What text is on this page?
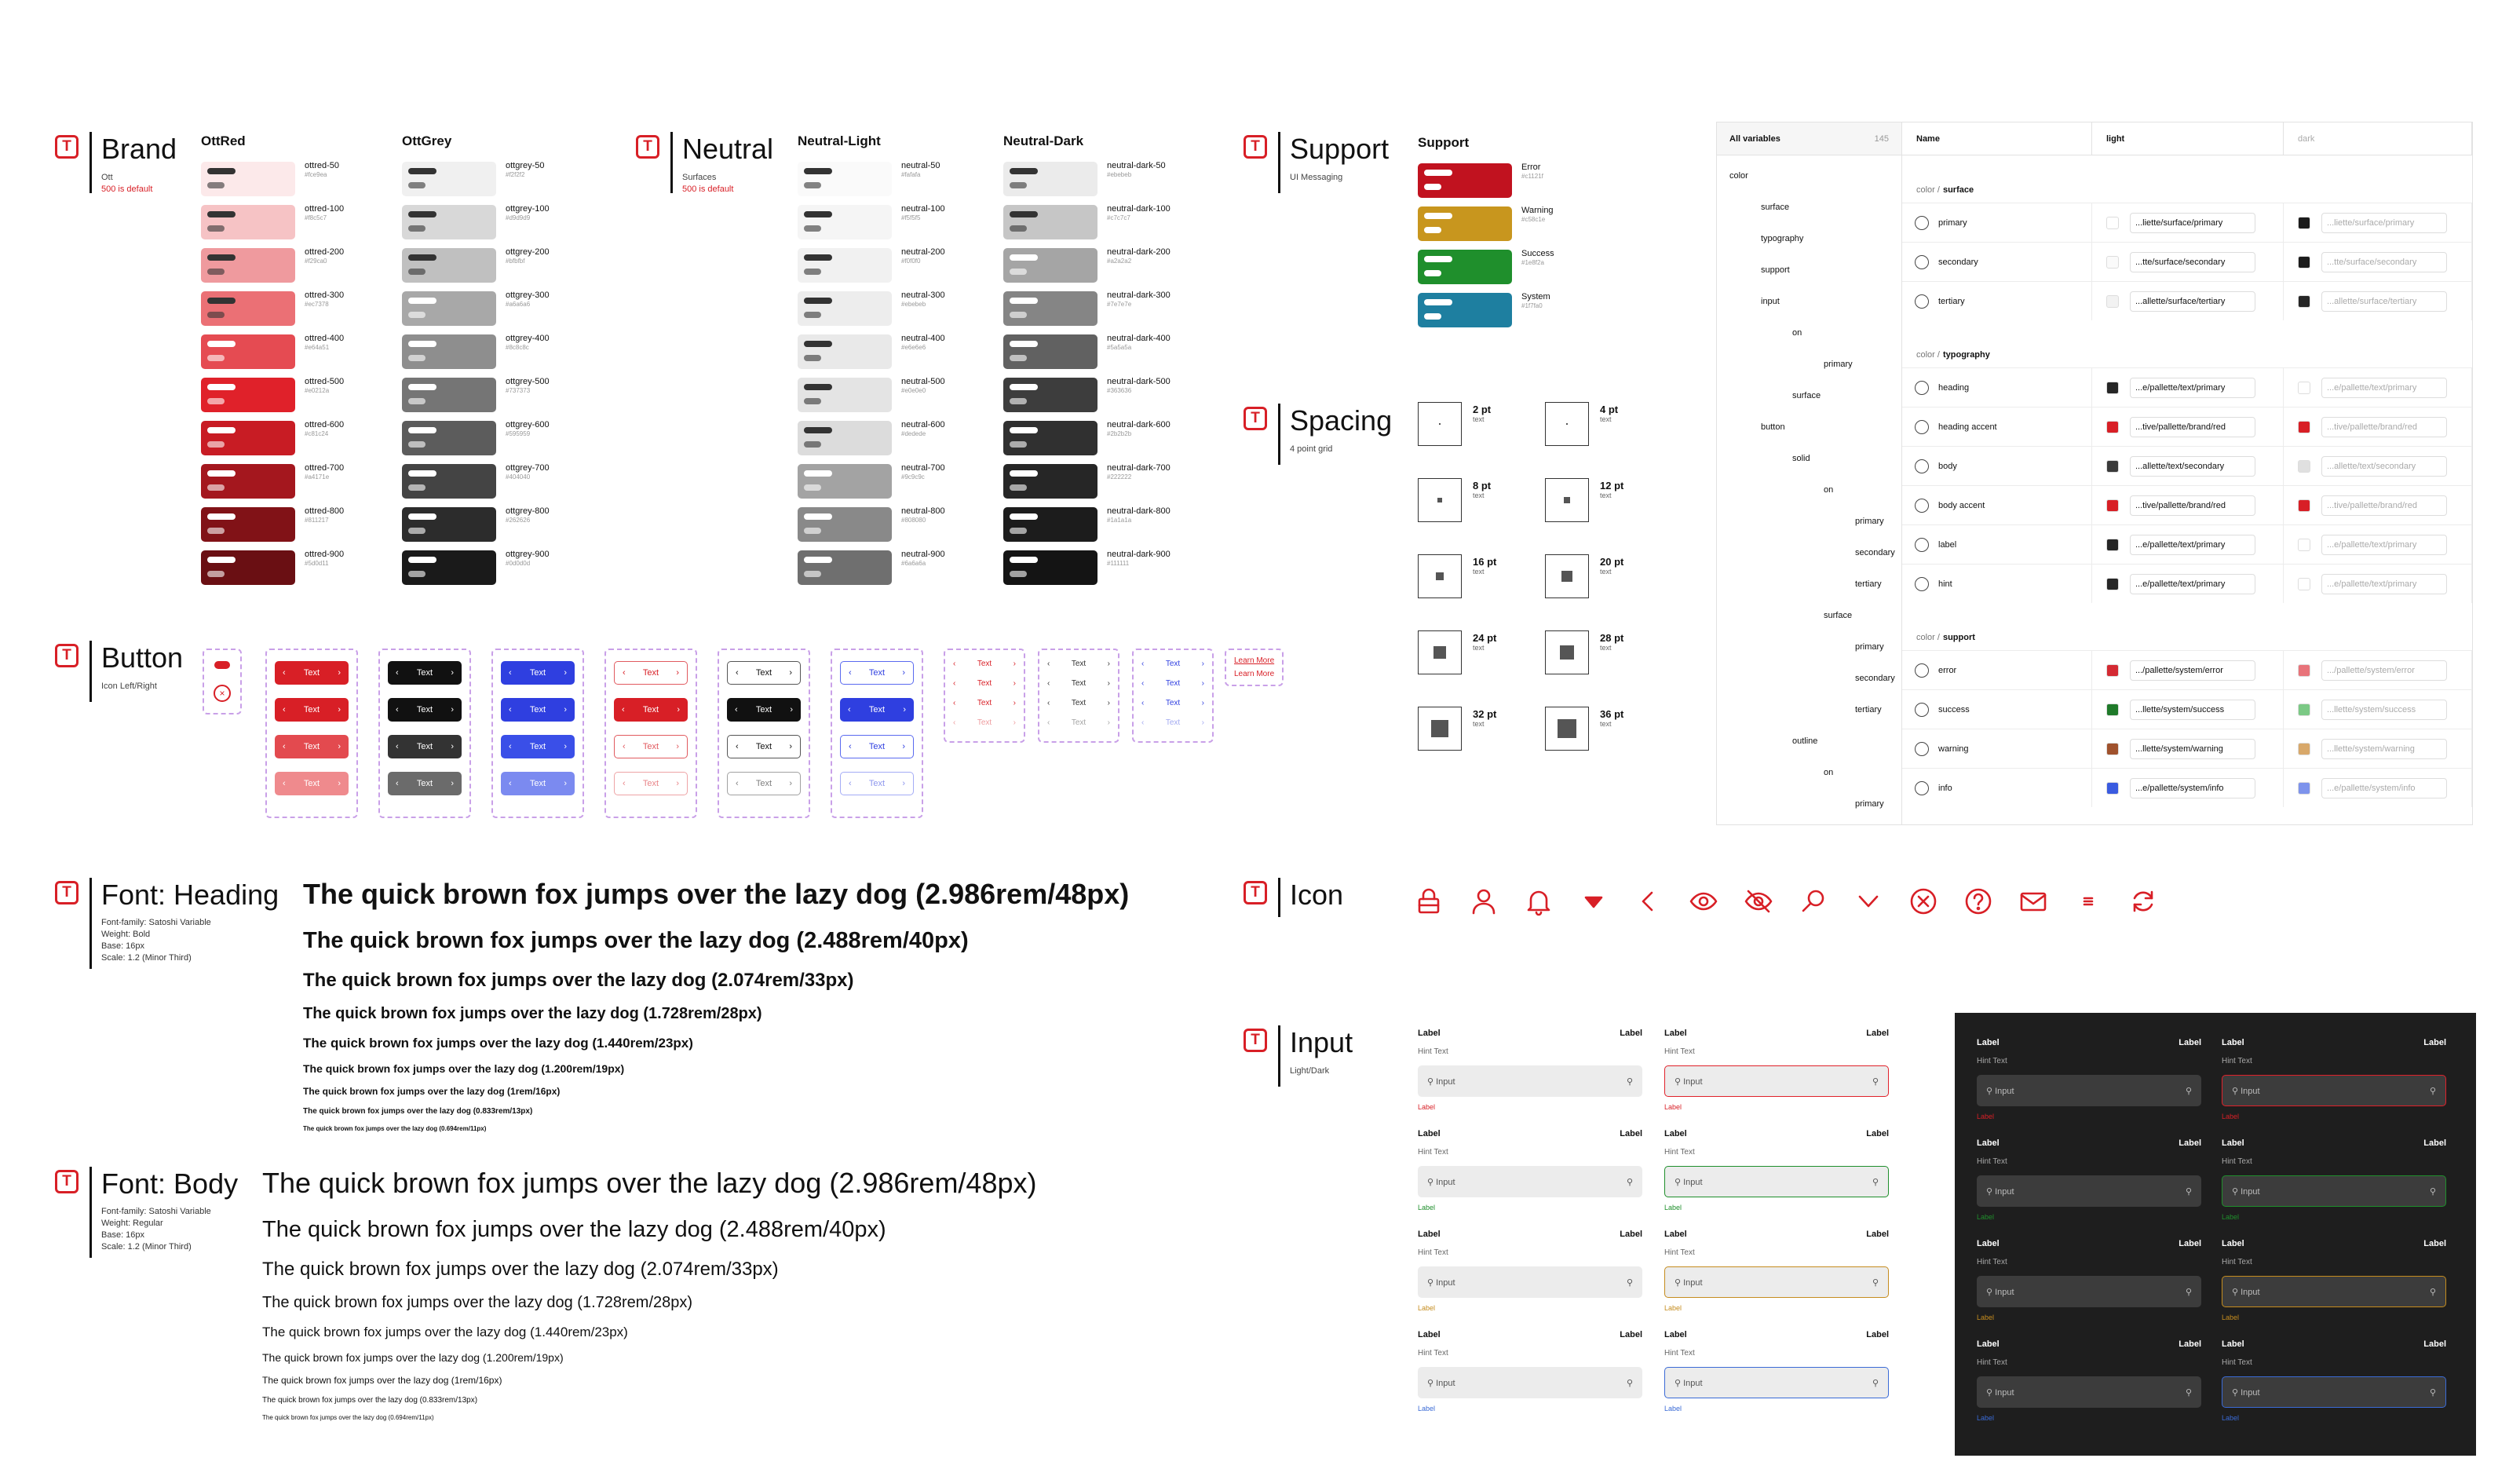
T Brand
Ott
500 is default
T Neutral
Surfaces
500 is default
T Support
UI Messaging
T Spacing
4 point grid
T Button
Icon Left/Right
T Font: Heading
Font-family: Satoshi Variable
Weight: Bold
Base: 16px
Scale: 1.2 (Minor Third)
T Font: Body
Font-family: Satoshi Variable
Weight: Regular
Base: 16px
Scale: 1.2 (Minor Third)
T Icon
T Input
Light/Dark
OttRed
ottred-50
#fce9ea
ottred-100
#f8c5c7
ottred-200
#f29ca0
ottred-300
#ec7378
ottred-400
#e64a51
ottred-500
#e0212a
ottred-600
#c81c24
ottred-700
#a4171e
ottred-800
#811217
ottred-900
#5d0d11
OttGrey
ottgrey-50
#f2f2f2
ottgrey-100
#d9d9d9
ottgrey-200
#bfbfbf
ottgrey-300
#a6a6a6
ottgrey-400
#8c8c8c
ottgrey-500
#737373
ottgrey-600
#595959
ottgrey-700
#404040
ottgrey-800
#262626
ottgrey-900
#0d0d0d
Neutral-Light
neutral-50
#fafafa
neutral-100
#f5f5f5
neutral-200
#f0f0f0
neutral-300
#ebebeb
neutral-400
#e6e6e6
neutral-500
#e0e0e0
neutral-600
#dedede
neutral-700
#9c9c9c
neutral-800
#808080
neutral-900
#6a6a6a
Neutral-Dark
neutral-dark-50
#ebebeb
neutral-dark-100
#c7c7c7
neutral-dark-200
#a2a2a2
neutral-dark-300
#7e7e7e
neutral-dark-400
#5a5a5a
neutral-dark-500
#363636
neutral-dark-600
#2b2b2b
neutral-dark-700
#222222
neutral-dark-800
#1a1a1a
neutral-dark-900
#111111
Support
Error
#c1121f
Warning
#c58c1e
Success
#1e8f2a
System
#1f7fa0
2 pt
text
4 pt
text
8 pt
text
12 pt
text
16 pt
text
20 pt
text
24 pt
text
28 pt
text
32 pt
text
36 pt
text
×
‹ Text ›
‹ Text ›
‹ Text ›
‹ Text ›
‹ Text ›
‹ Text ›
‹ Text ›
‹ Text ›
‹ Text ›
‹ Text ›
‹ Text ›
‹ Text ›
‹ Text ›
‹ Text ›
‹ Text ›
‹ Text ›
‹ Text ›
‹ Text ›
‹ Text ›
‹ Text ›
‹ Text ›
‹ Text ›
‹ Text ›
‹ Text ›
‹	Text	›
‹	Text	›
‹	Text	›
‹	Text	›
‹	Text	›
‹	Text	›
‹	Text	›
‹	Text	›
‹	Text	›
‹	Text	›
‹	Text	›
‹	Text	›
Learn More
Learn More
The quick brown fox jumps over the lazy dog (2.986rem/48px)
The quick brown fox jumps over the lazy dog (2.488rem/40px)
The quick brown fox jumps over the lazy dog (2.074rem/33px)
The quick brown fox jumps over the lazy dog (1.728rem/28px)
The quick brown fox jumps over the lazy dog (1.440rem/23px)
The quick brown fox jumps over the lazy dog (1.200rem/19px)
The quick brown fox jumps over the lazy dog (1rem/16px)
The quick brown fox jumps over the lazy dog (0.833rem/13px)
The quick brown fox jumps over the lazy dog (0.694rem/11px)
The quick brown fox jumps over the lazy dog (2.986rem/48px)
The quick brown fox jumps over the lazy dog (2.488rem/40px)
The quick brown fox jumps over the lazy dog (2.074rem/33px)
The quick brown fox jumps over the lazy dog (1.728rem/28px)
The quick brown fox jumps over the lazy dog (1.440rem/23px)
The quick brown fox jumps over the lazy dog (1.200rem/19px)
The quick brown fox jumps over the lazy dog (1rem/16px)
The quick brown fox jumps over the lazy dog (0.833rem/13px)
The quick brown fox jumps over the lazy dog (0.694rem/11px)
Label	Label
Hint Text
⚲ Input	⚲
Label
Label	Label
Hint Text
⚲ Input	⚲
Label
Label	Label
Hint Text
⚲ Input	⚲
Label
Label	Label
Hint Text
⚲ Input	⚲
Label
Label	Label
Hint Text
⚲ Input	⚲
Label
Label	Label
Hint Text
⚲ Input	⚲
Label
Label	Label
Hint Text
⚲ Input	⚲
Label
Label	Label
Hint Text
⚲ Input	⚲
Label
Label	Label
Hint Text
⚲ Input	⚲
Label
Label	Label
Hint Text
⚲ Input	⚲
Label
Label	Label
Hint Text
⚲ Input	⚲
Label
Label	Label
Hint Text
⚲ Input	⚲
Label
Label	Label
Hint Text
⚲ Input	⚲
Label
Label	Label
Hint Text
⚲ Input	⚲
Label
Label	Label
Hint Text
⚲ Input	⚲
Label
Label	Label
Hint Text
⚲ Input	⚲
Label
All variables	145
color
surface
typography
support
input
on
primary
surface
button
solid
on
primary
secondary
tertiary
surface
primary
secondary
tertiary
outline
on
primary
Name	light	dark
color / surface
primary	...liette/surface/primary	...liette/surface/primary
secondary	...tte/surface/secondary	...tte/surface/secondary
tertiary	...allette/surface/tertiary	...allette/surface/tertiary
color / typography
heading	...e/pallette/text/primary	...e/pallette/text/primary
heading accent	...tive/pallette/brand/red	...tive/pallette/brand/red
body	...allette/text/secondary	...allette/text/secondary
body accent	...tive/pallette/brand/red	...tive/pallette/brand/red
label	...e/pallette/text/primary	...e/pallette/text/primary
hint	...e/pallette/text/primary	...e/pallette/text/primary
color / support
error	.../pallette/system/error	.../pallette/system/error
success	...llette/system/success	...llette/system/success
warning	...llette/system/warning	...llette/system/warning
info	...e/pallette/system/info	...e/pallette/system/info
